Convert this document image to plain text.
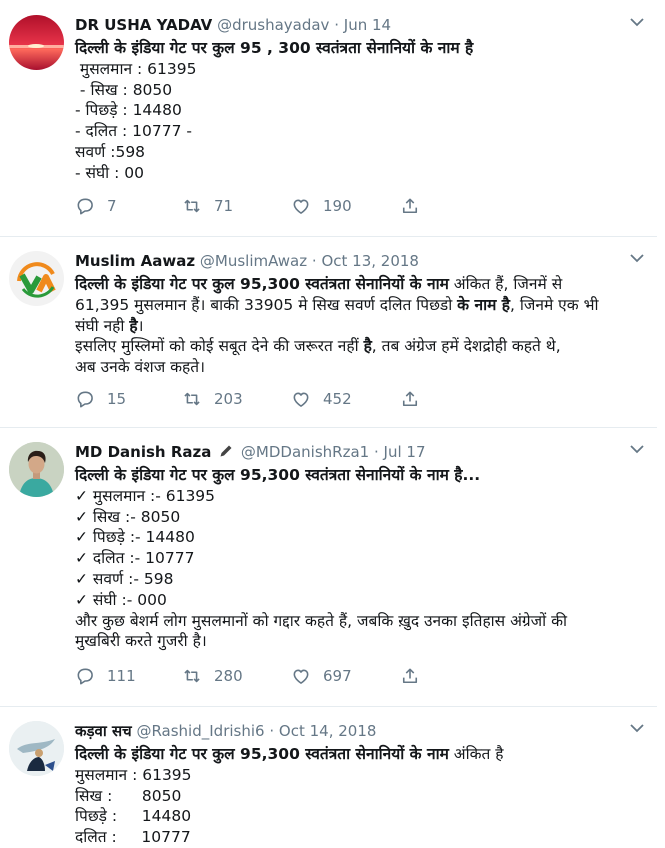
DR USHA YADAV @drushayadav · Jun 14
दिल्ली के इंडिया गेट पर कुल 95 , 300 स्वतंत्रता सेनानियों के नाम है
मुसलमान : 61395
- सिख : 8050
- पिछड़े : 14480
- दलित : 10777 -
सवर्ण :598
- संघी : 00
7	71	190
Muslim Aawaz @MuslimAwaz · Oct 13, 2018
दिल्ली के इंडिया गेट पर कुल 95,300 स्वतंत्रता सेनानियों के नाम अंकित हैं, जिनमें से
61,395 मुसलमान हैं। बाकी 33905 मे सिख सवर्ण दलित पिछडो के नाम है, जिनमे एक भी
संघी नही है।
इसलिए मुस्लिमों को कोई सबूत देने की जरूरत नहीं है, तब अंग्रेज हमें देशद्रोही कहते थे,
अब उनके वंशज कहते।
15	203	452
MD Danish Raza @MDDanishRza1 · Jul 17
दिल्ली के इंडिया गेट पर कुल 95,300 स्वतंत्रता सेनानियों के नाम है...
✓ मुसलमान :- 61395
✓ सिख :- 8050
✓ पिछड़े :- 14480
✓ दलित :- 10777
✓ सवर्ण :- 598
✓ संघी :- 000
और कुछ बेशर्म लोग मुसलमानों को गद्दार कहते हैं, जबकि ख़ुद उनका इतिहास अंग्रेजों की
मुखबिरी करते गुजरी है।
111	280	697
कड़वा सच @Rashid_Idrishi6 · Oct 14, 2018
दिल्ली के इंडिया गेट पर कुल 95,300 स्वतंत्रता सेनानियों के नाम अंकित है
मुसलमान : 61395
सिख :      8050
पिछड़े :     14480
दलित :     10777
